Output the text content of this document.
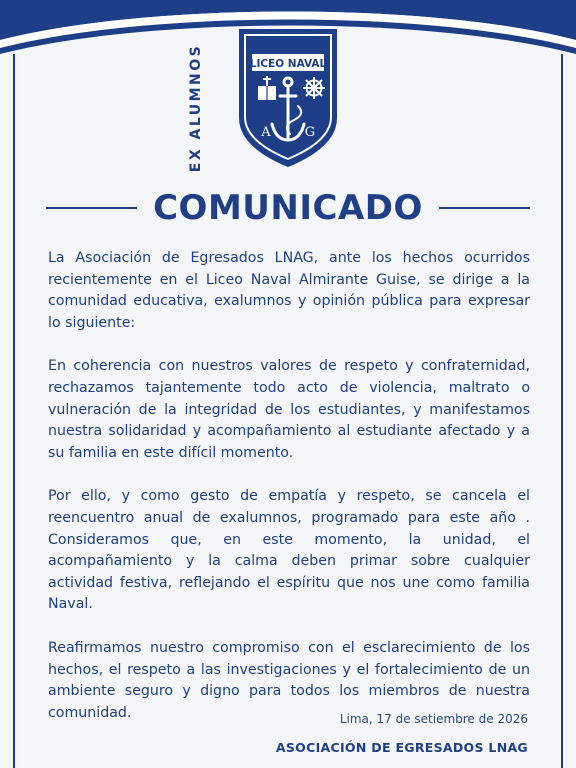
EX ALUMNOS	LICEO NAVAL
A	G
COMUNICADO

La Asociación de Egresados LNAG, ante los hechos ocurridos recientemente en el Liceo Naval Almirante Guise, se dirige a la comunidad educativa, exalumnos y opinión pública para expresar lo siguiente:

En coherencia con nuestros valores de respeto y confraternidad, rechazamos tajantemente todo acto de violencia, maltrato o vulneración de la integridad de los estudiantes, y manifestamos nuestra solidaridad y acompañamiento al estudiante afectado y a su familia en este difícil momento.

Por ello, y como gesto de empatía y respeto, se cancela el reencuentro anual de exalumnos, programado para este año . Consideramos que, en este momento, la unidad, el acompañamiento y la calma deben primar sobre cualquier actividad festiva, reflejando el espíritu que nos une como familia Naval.

Reafirmamos nuestro compromiso con el esclarecimiento de los hechos, el respeto a las investigaciones y el fortalecimiento de un ambiente seguro y digno para todos los miembros de nuestra comunidad.	Lima, 17 de setiembre de 2026
ASOCIACIÓN DE EGRESADOS LNAG
